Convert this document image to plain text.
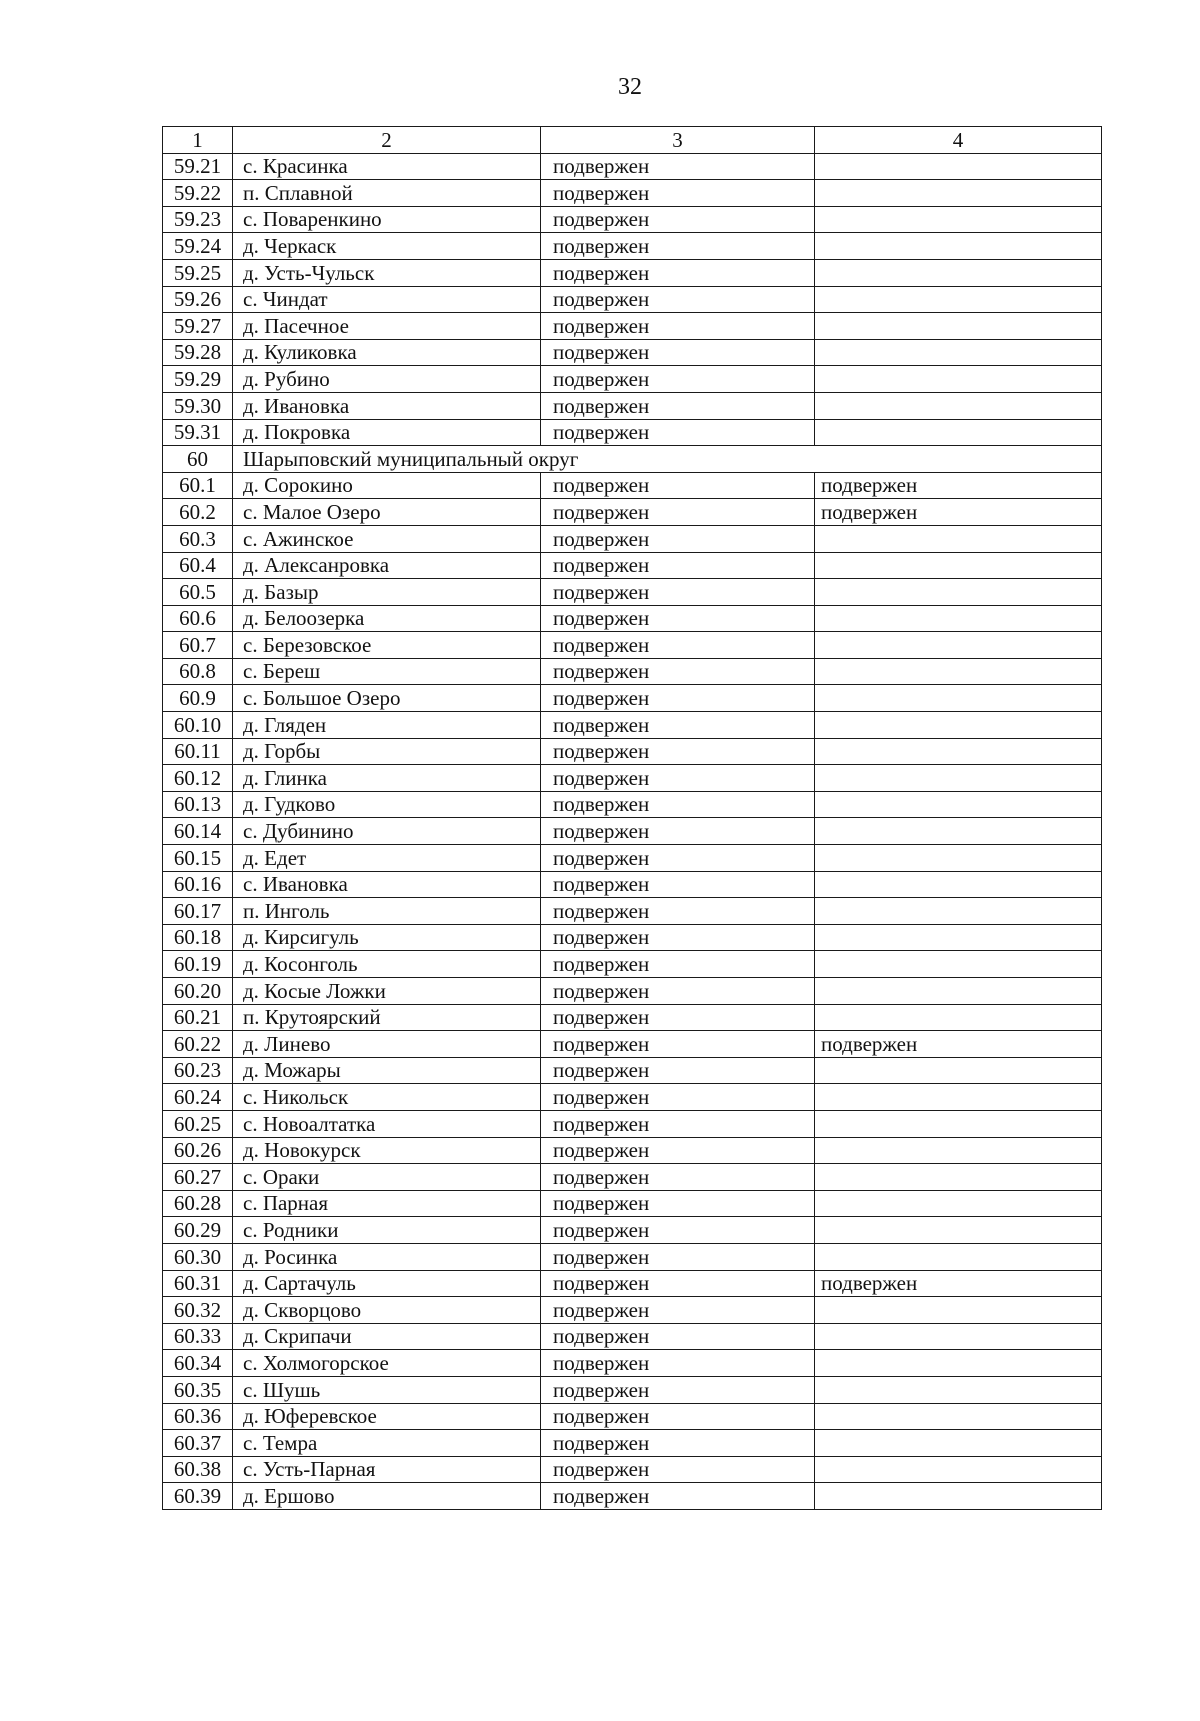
32
1	2	3	4
59.21	с. Красинка	подвержен	
59.22	п. Сплавной	подвержен	
59.23	с. Поваренкино	подвержен	
59.24	д. Черкаск	подвержен	
59.25	д. Усть-Чульск	подвержен	
59.26	с. Чиндат	подвержен	
59.27	д. Пасечное	подвержен	
59.28	д. Куликовка	подвержен	
59.29	д. Рубино	подвержен	
59.30	д. Ивановка	подвержен	
59.31	д. Покровка	подвержен	
60	Шарыповский муниципальный округ		
60.1	д. Сорокино	подвержен	подвержен
60.2	с. Малое Озеро	подвержен	подвержен
60.3	с. Ажинское	подвержен	
60.4	д. Алексанровка	подвержен	
60.5	д. Базыр	подвержен	
60.6	д. Белоозерка	подвержен	
60.7	с. Березовское	подвержен	
60.8	с. Береш	подвержен	
60.9	с. Большое Озеро	подвержен	
60.10	д. Гляден	подвержен	
60.11	д. Горбы	подвержен	
60.12	д. Глинка	подвержен	
60.13	д. Гудково	подвержен	
60.14	с. Дубинино	подвержен	
60.15	д. Едет	подвержен	
60.16	с. Ивановка	подвержен	
60.17	п. Инголь	подвержен	
60.18	д. Кирсигуль	подвержен	
60.19	д. Косонголь	подвержен	
60.20	д. Косые Ложки	подвержен	
60.21	п. Крутоярский	подвержен	
60.22	д. Линево	подвержен	подвержен
60.23	д. Можары	подвержен	
60.24	с. Никольск	подвержен	
60.25	с. Новоалтатка	подвержен	
60.26	д. Новокурск	подвержен	
60.27	с. Ораки	подвержен	
60.28	с. Парная	подвержен	
60.29	с. Родники	подвержен	
60.30	д. Росинка	подвержен	
60.31	д. Сартачуль	подвержен	подвержен
60.32	д. Скворцово	подвержен	
60.33	д. Скрипачи	подвержен	
60.34	с. Холмогорское	подвержен	
60.35	с. Шушь	подвержен	
60.36	д. Юферевское	подвержен	
60.37	с. Темра	подвержен	
60.38	с. Усть-Парная	подвержен	
60.39	д. Ершово	подвержен	
